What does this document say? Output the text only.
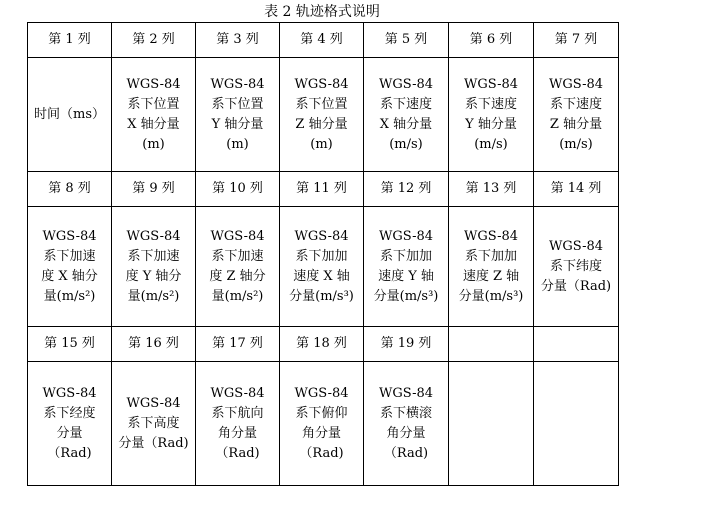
表 2 轨迹格式说明
第 1 列	第 2 列	第 3 列	第 4 列	第 5 列	第 6 列	第 7 列
时间（ms）	WGS-84
系下位置
X 轴分量
(m)	WGS-84
系下位置
Y 轴分量
(m)	WGS-84
系下位置
Z 轴分量
(m)	WGS-84
系下速度
X 轴分量
(m/s)	WGS-84
系下速度
Y 轴分量
(m/s)	WGS-84
系下速度
Z 轴分量
(m/s)
第 8 列	第 9 列	第 10 列	第 11 列	第 12 列	第 13 列	第 14 列
WGS-84
系下加速
度 X 轴分
量(m/s²)	WGS-84
系下加速
度 Y 轴分
量(m/s²)	WGS-84
系下加速
度 Z 轴分
量(m/s²)	WGS-84
系下加加
速度 X 轴
分量(m/s³)	WGS-84
系下加加
速度 Y 轴
分量(m/s³)	WGS-84
系下加加
速度 Z 轴
分量(m/s³)	WGS-84
系下纬度
分量（Rad)
第 15 列	第 16 列	第 17 列	第 18 列	第 19 列		
WGS-84
系下经度
分量
（Rad)	WGS-84
系下高度
分量（Rad)	WGS-84
系下航向
角分量
（Rad)	WGS-84
系下俯仰
角分量
（Rad)	WGS-84
系下横滚
角分量
（Rad)		
